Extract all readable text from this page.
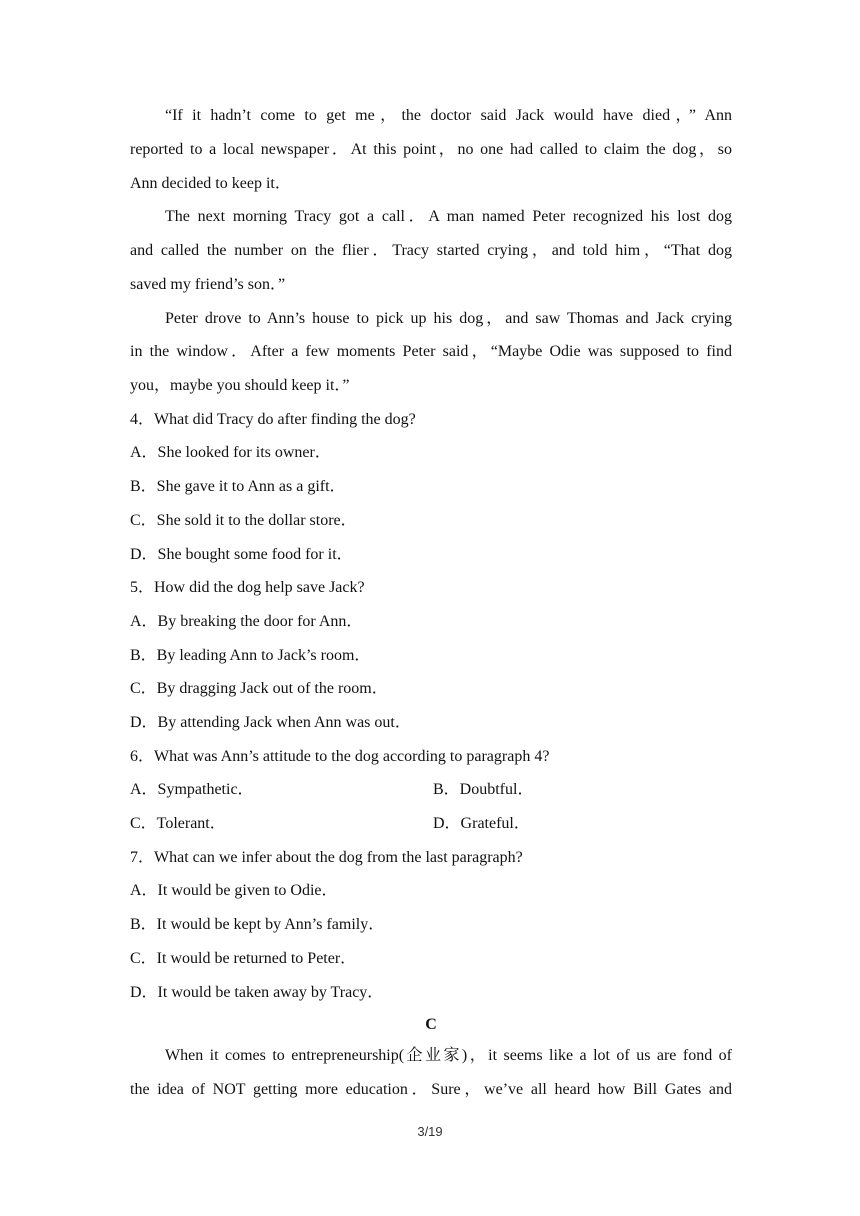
“If it hadn’t come to get me，the doctor said Jack would have died，” Ann
reported to a local newspaper．At this point，no one had called to claim the dog，so
Ann decided to keep it．
The next morning Tracy got a call．A man named Peter recognized his lost dog
and called the number on the flier．Tracy started crying，and told him，“That dog
saved my friend’s son．”
Peter drove to Ann’s house to pick up his dog，and saw Thomas and Jack crying
in the window．After a few moments Peter said，“Maybe Odie was supposed to find
you，maybe you should keep it．”
4．What did Tracy do after finding the dog?
A．She looked for its owner．
B．She gave it to Ann as a gift．
C．She sold it to the dollar store．
D．She bought some food for it．
5．How did the dog help save Jack?
A．By breaking the door for Ann．
B．By leading Ann to Jack’s room．
C．By dragging Jack out of the room．
D．By attending Jack when Ann was out．
6．What was Ann’s attitude to the dog according to paragraph 4?
A．Sympathetic．	B．Doubtful．
C．Tolerant．	D．Grateful．
7．What can we infer about the dog from the last paragraph?
A．It would be given to Odie．
B．It would be kept by Ann’s family．
C．It would be returned to Peter．
D．It would be taken away by Tracy．
C
When it comes to entrepreneurship(企业家)，it seems like a lot of us are fond of
the idea of NOT getting more education．Sure，we’ve all heard how Bill Gates and
3/19
